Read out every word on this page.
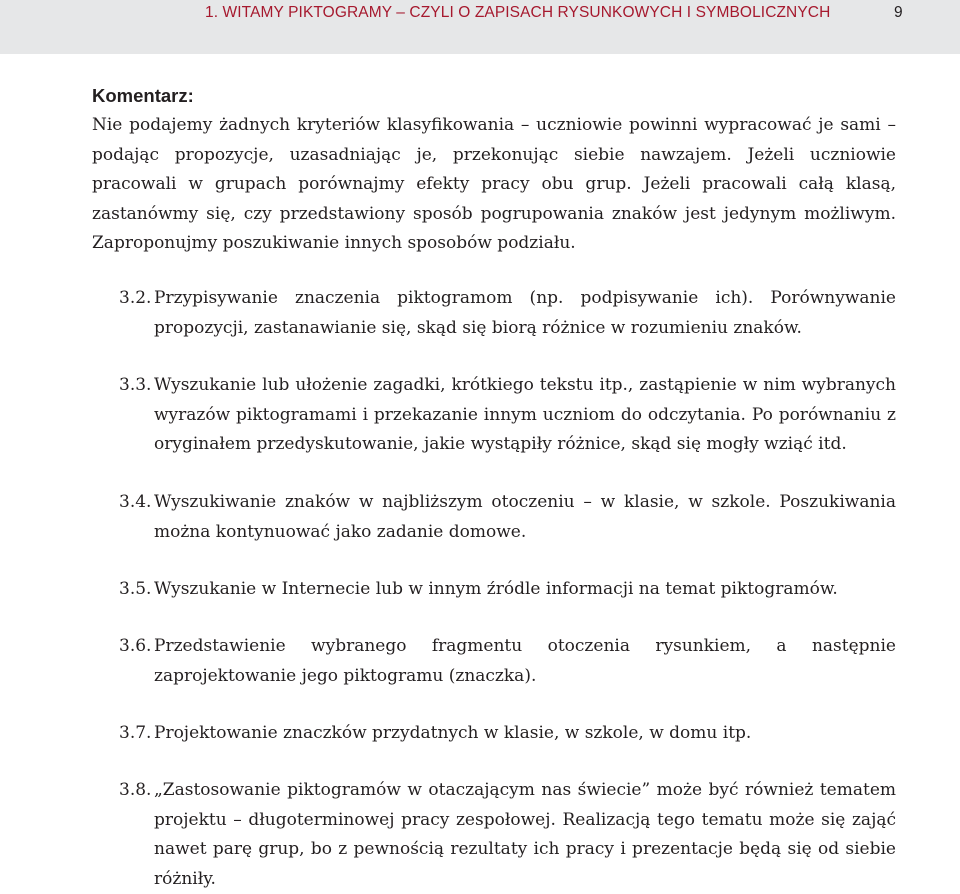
1. WITAMY PIKTOGRAMY – CZYLI O ZAPISACH RYSUNKOWYCH I SYMBOLICZNYCH	9
Komentarz:
Nie podajemy żadnych kryteriów klasyfikowania – uczniowie powinni wypracować je sami – podając propozycje, uzasadniając je, przekonując siebie nawzajem. Jeżeli uczniowie pracowali w grupach porównajmy efekty pracy obu grup. Jeżeli pracowali całą klasą, zastanówmy się, czy przedstawiony sposób pogrupowania znaków jest jedynym możliwym. Zaproponujmy poszukiwanie innych sposobów podziału.
3.2. Przypisywanie znaczenia piktogramom (np. podpisywanie ich). Porównywanie propozycji, zastanawianie się, skąd się biorą różnice w rozumieniu znaków.
3.3. Wyszukanie lub ułożenie zagadki, krótkiego tekstu itp., zastąpienie w nim wybranych wyrazów piktogramami i przekazanie innym uczniom do odczytania. Po porównaniu z oryginałem przedyskutowanie, jakie wystąpiły różnice, skąd się mogły wziąć itd.
3.4. Wyszukiwanie znaków w najbliższym otoczeniu – w klasie, w szkole. Poszukiwania można kontynuować jako zadanie domowe.
3.5. Wyszukanie w Internecie lub w innym źródle informacji na temat piktogramów.
3.6. Przedstawienie wybranego fragmentu otoczenia rysunkiem, a następnie zaprojektowanie jego piktogramu (znaczka).
3.7. Projektowanie znaczków przydatnych w klasie, w szkole, w domu itp.
3.8. „Zastosowanie piktogramów w otaczającym nas świecie” może być również tematem projektu – długoterminowej pracy zespołowej. Realizacją tego tematu może się zająć nawet parę grup, bo z pewnością rezultaty ich pracy i prezentacje będą się od siebie różniły.
